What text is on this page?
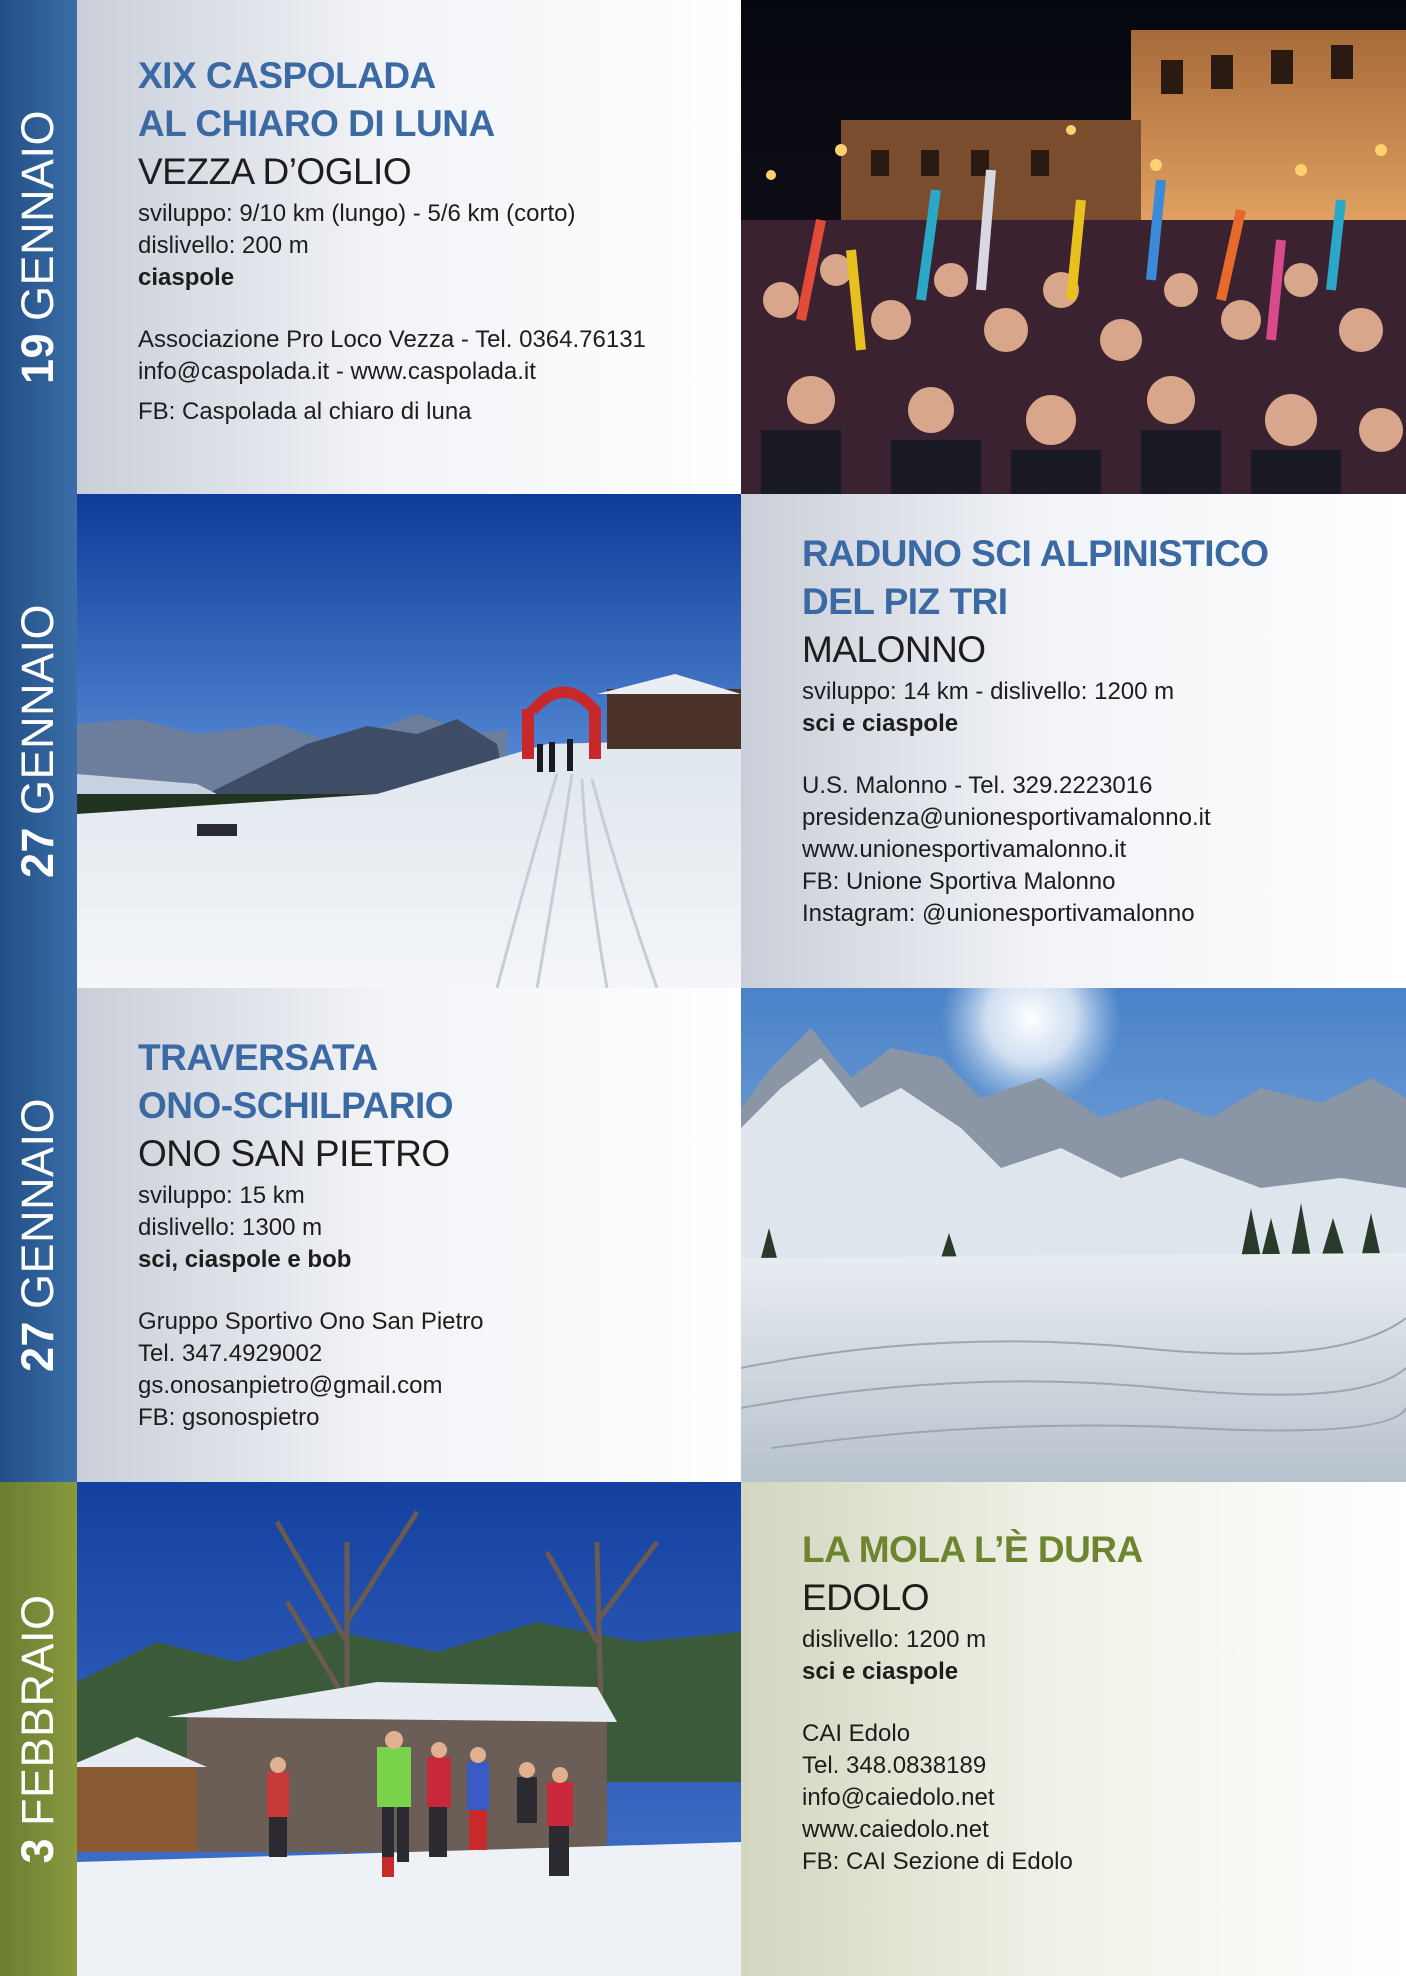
19GENNAIO

XIX CASPOLADA

AL CHIARO DI LUNA

VEZZA D’OGLIO

sviluppo: 9/10 km (lungo) - 5/6 km (corto)

dislivello: 200 m

ciaspole

Associazione Pro Loco Vezza - Tel. 0364.76131

info@caspolada.it - www.caspolada.it

FB: Caspolada al chiaro di luna

27GENNAIO

RADUNO SCI ALPINISTICO

DEL PIZ TRI

MALONNO

sviluppo: 14 km - dislivello: 1200 m

sci e ciaspole

U.S. Malonno - Tel. 329.2223016

presidenza@unionesportivamalonno.it

www.unionesportivamalonno.it

FB: Unione Sportiva Malonno

Instagram: @unionesportivamalonno

27GENNAIO

TRAVERSATA

ONO-SCHILPARIO

ONO SAN PIETRO

sviluppo: 15 km

dislivello: 1300 m

sci, ciaspole e bob

Gruppo Sportivo Ono San Pietro

Tel. 347.4929002

gs.onosanpietro@gmail.com

FB: gsonospietro

3FEBBRAIO

LA MOLA L’È DURA

EDOLO

dislivello: 1200 m

sci e ciaspole

CAI Edolo

Tel. 348.0838189

info@caiedolo.net

www.caiedolo.net

FB: CAI Sezione di Edolo
